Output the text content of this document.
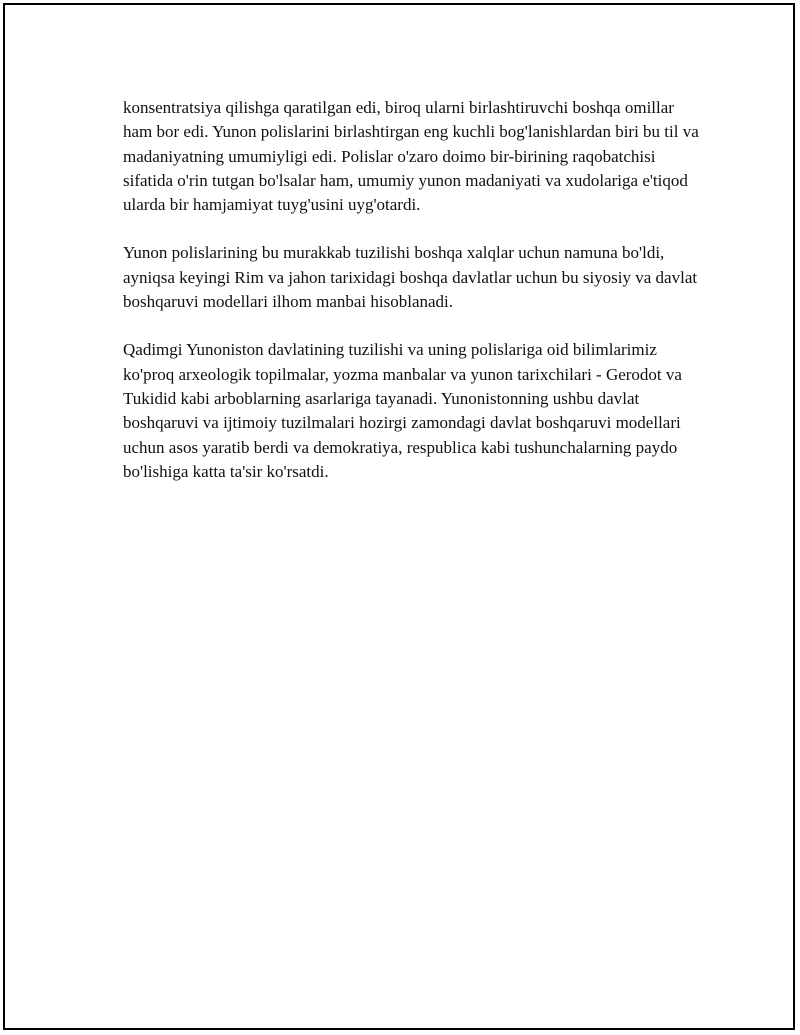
konsentratsiya qilishga qaratilgan edi, biroq ularni birlashtiruvchi boshqa omillar ham bor edi. Yunon polislarini birlashtirgan eng kuchli bog'lanishlardan biri bu til va madaniyatning umumiyligi edi. Polislar o'zaro doimo bir-birining raqobatchisi sifatida o'rin tutgan bo'lsalar ham, umumiy yunon madaniyati va xudolariga e'tiqod ularda bir hamjamiyat tuyg'usini uyg'otardi.

Yunon polislarining bu murakkab tuzilishi boshqa xalqlar uchun namuna bo'ldi, ayniqsa keyingi Rim va jahon tarixidagi boshqa davlatlar uchun bu siyosiy va davlat boshqaruvi modellari ilhom manbai hisoblanadi.

Qadimgi Yunoniston davlatining tuzilishi va uning polislariga oid bilimlarimiz ko'proq arxeologik topilmalar, yozma manbalar va yunon tarixchilari - Gerodot va Tukidid kabi arboblarning asarlariga tayanadi. Yunonistonning ushbu davlat boshqaruvi va ijtimoiy tuzilmalari hozirgi zamondagi davlat boshqaruvi modellari uchun asos yaratib berdi va demokratiya, respublica kabi tushunchalarning paydo bo'lishiga katta ta'sir ko'rsatdi.
